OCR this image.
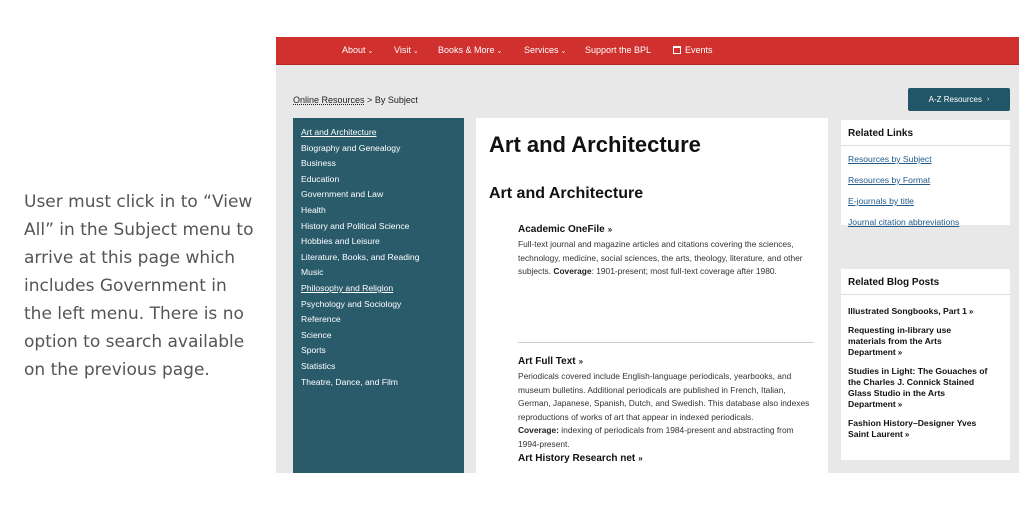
User must click in to “View All” in the Subject menu to arrive at this page which includes Government in the left menu. There is no option to search available on the previous page.
About ⌄ Visit ⌄ Books & More ⌄ Services ⌄ Support the BPL	Events
Online Resources > By Subject	A-Z Resources ›
Art and Architecture
Biography and Genealogy
Business
Education
Government and Law
Health
History and Political Science
Hobbies and Leisure
Literature, Books, and Reading
Music
Philosophy and Religion
Psychology and Sociology
Reference
Science
Sports
Statistics
Theatre, Dance, and Film
Art and Architecture
Art and Architecture
Academic OneFile »
Full-text journal and magazine articles and citations covering the sciences, technology, medicine, social sciences, the arts, theology, literature, and other subjects. Coverage: 1901-present; most full-text coverage after 1980.
Art Full Text »
Periodicals covered include English-language periodicals, yearbooks, and museum bulletins. Additional periodicals are published in French, Italian, German, Japanese, Spanish, Dutch, and Swedish. This database also indexes reproductions of works of art that appear in indexed periodicals.
Coverage: indexing of periodicals from 1984-present and abstracting from 1994-present.
Art History Research net »
Related Links
Resources by Subject
Resources by Format
E-journals by title
Journal citation abbreviations
Related Blog Posts
Illustrated Songbooks, Part 1 »
Requesting in-library use materials from the Arts Department »
Studies in Light: The Gouaches of the Charles J. Connick Stained Glass Studio in the Arts Department »
Fashion History–Designer Yves Saint Laurent »
